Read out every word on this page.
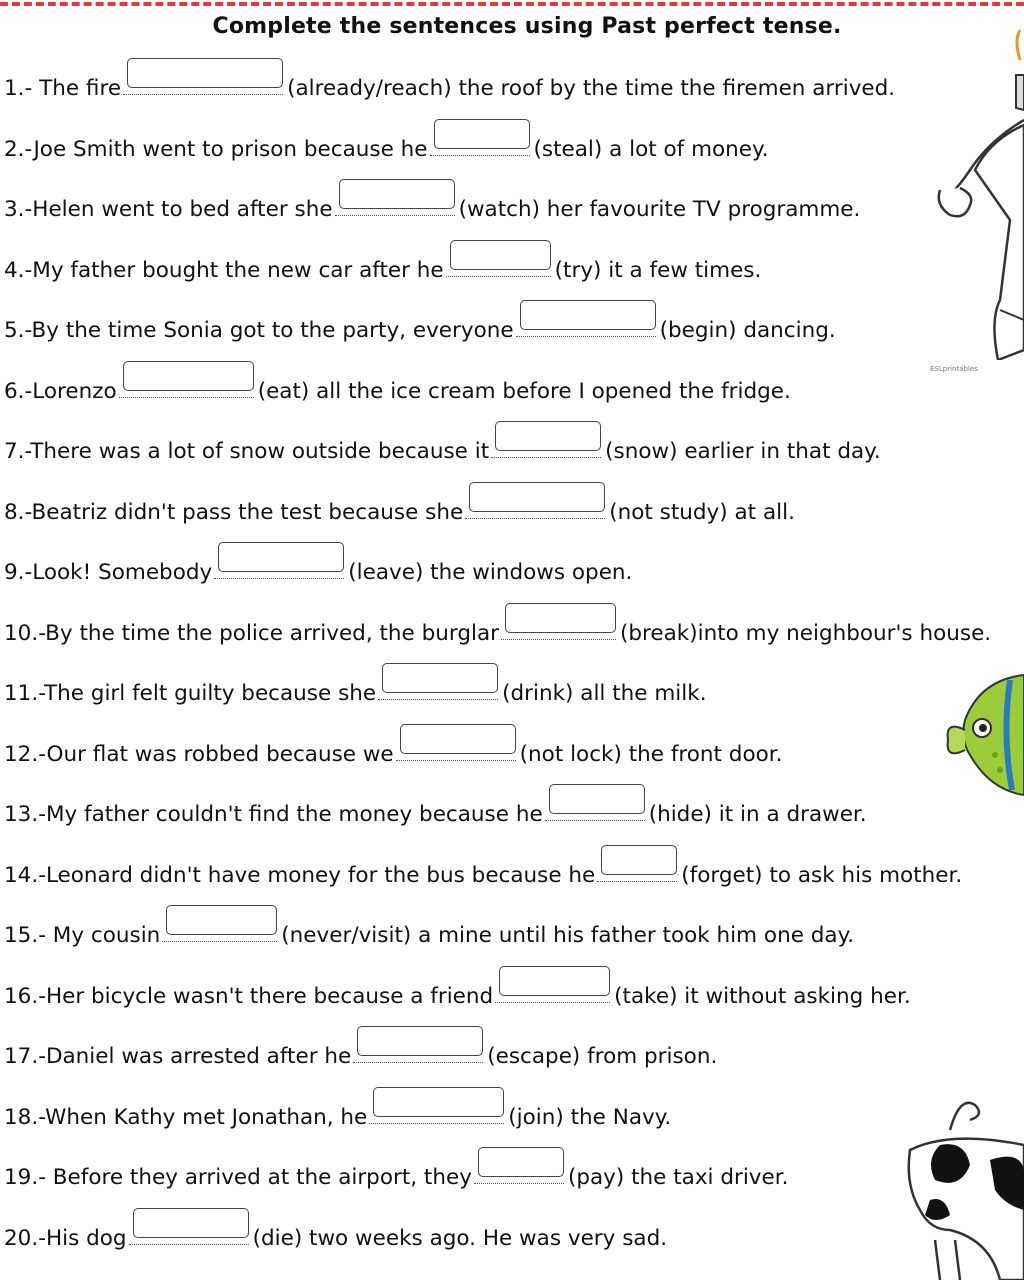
Complete the sentences using Past perfect tense.
1.- The fire	(already/reach) the roof by the time the firemen arrived.
2.-Joe Smith went to prison because he	(steal) a lot of money.
3.-Helen went to bed after she	(watch) her favourite TV programme.
4.-My father bought the new car after he	(try) it a few times.
5.-By the time Sonia got to the party, everyone	(begin) dancing.
6.-Lorenzo	(eat) all the ice cream before I opened the fridge.
7.-There was a lot of snow outside because it	(snow) earlier in that day.
8.-Beatriz didn't pass the test because she	(not study) at all.
9.-Look! Somebody	(leave) the windows open.
10.-By the time the police arrived, the burglar	(break)into my neighbour's house.
11.-The girl felt guilty because she	(drink) all the milk.
12.-Our flat was robbed because we	(not lock) the front door.
13.-My father couldn't find the money because he	(hide) it in a drawer.
14.-Leonard didn't have money for the bus because he	(forget) to ask his mother.
15.- My cousin	(never/visit) a mine until his father took him one day.
16.-Her bicycle wasn't there because a friend	(take) it without asking her.
17.-Daniel was arrested after he	(escape) from prison.
18.-When Kathy met Jonathan, he	(join) the Navy.
19.- Before they arrived at the airport, they	(pay) the taxi driver.
20.-His dog	(die) two weeks ago. He was very sad.
ESLprintables
